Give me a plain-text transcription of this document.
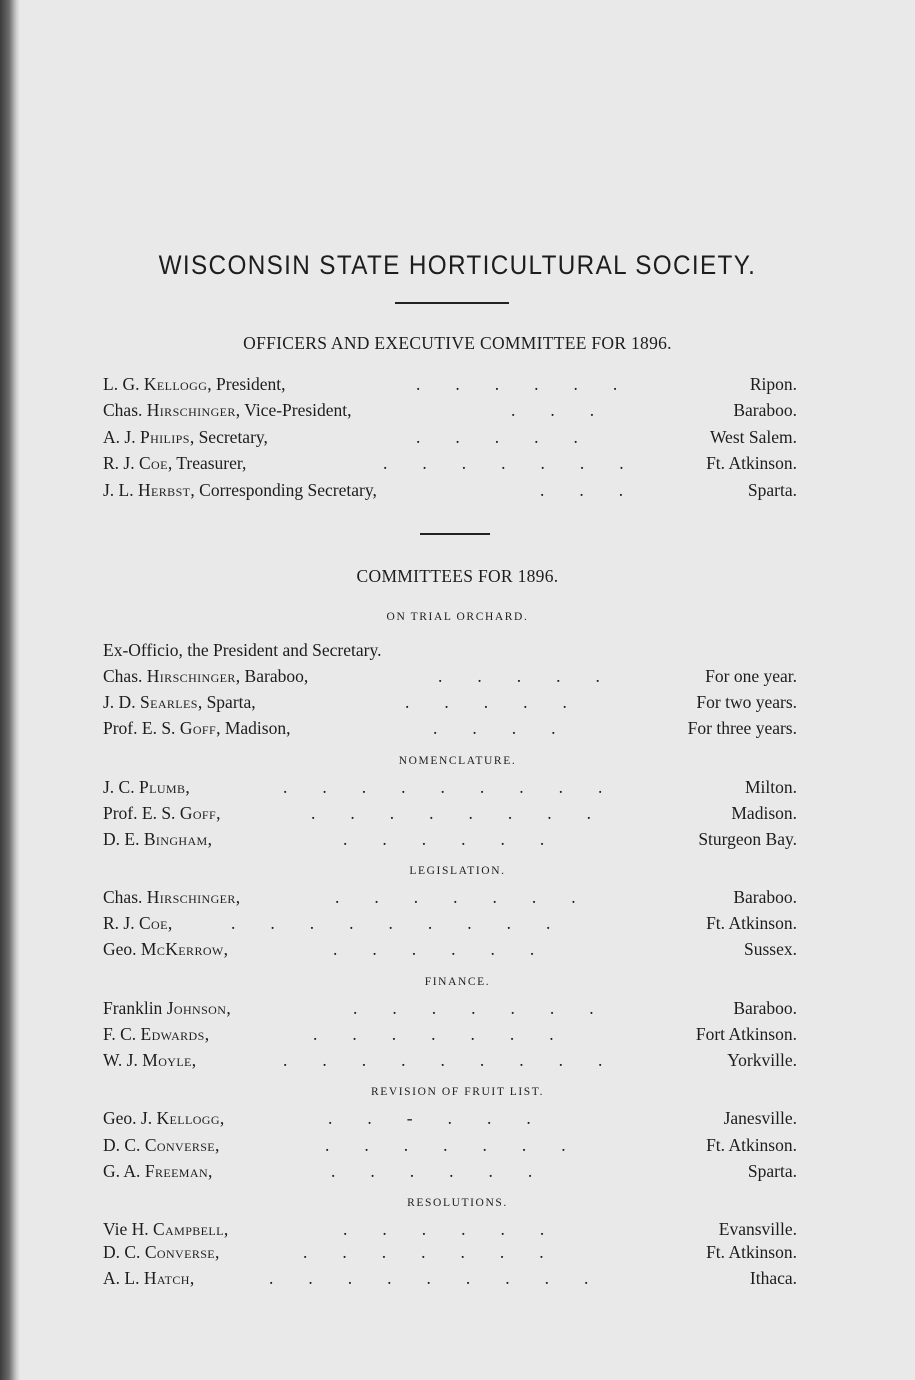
WISCONSIN STATE HORTICULTURAL SOCIETY.
OFFICERS AND EXECUTIVE COMMITTEE FOR 1896.
L. G. Kellogg, President,	.        .        .        .        .        .	Ripon.
Chas. Hirschinger, Vice-President,	.        .        .	Baraboo.
A. J. Philips, Secretary,	.        .        .        .        .	West Salem.
R. J. Coe, Treasurer,	.        .        .        .        .        .        .	Ft. Atkinson.
J. L. Herbst, Corresponding Secretary,	.        .        .	Sparta.
COMMITTEES FOR 1896.
ON TRIAL ORCHARD.
Ex-Officio, the President and Secretary.
Chas. Hirschinger, Baraboo,	.        .        .        .        .	For one year.
J. D. Searles, Sparta,	.        .        .        .        .	For two years.
Prof. E. S. Goff, Madison,	.        .        .        .	For three years.
NOMENCLATURE.
J. C. Plumb,	.        .        .        .        .        .        .        .        .	Milton.
Prof. E. S. Goff,	.        .        .        .        .        .        .        .	Madison.
D. E. Bingham,	.        .        .        .        .        .	Sturgeon Bay.
LEGISLATION.
Chas. Hirschinger,	.        .        .        .        .        .        .	Baraboo.
R. J. Coe,	.        .        .        .        .        .        .        .        .	Ft. Atkinson.
Geo. McKerrow,	.        .        .        .        .        .	Sussex.
FINANCE.
Franklin Johnson,	.        .        .        .        .        .        .	Baraboo.
F. C. Edwards,	.        .        .        .        .        .        .	Fort Atkinson.
W. J. Moyle,	.        .        .        .        .        .        .        .        .	Yorkville.
REVISION OF FRUIT LIST.
Geo. J. Kellogg,	.        .        -        .        .        .	Janesville.
D. C. Converse,	.        .        .        .        .        .        .	Ft. Atkinson.
G. A. Freeman,	.        .        .        .        .        .	Sparta.
RESOLUTIONS.
Vie H. Campbell,	.        .        .        .        .        .	Evansville.
D. C. Converse,	.        .        .        .        .        .        .	Ft. Atkinson.
A. L. Hatch,	.        .        .        .        .        .        .        .        .	Ithaca.
